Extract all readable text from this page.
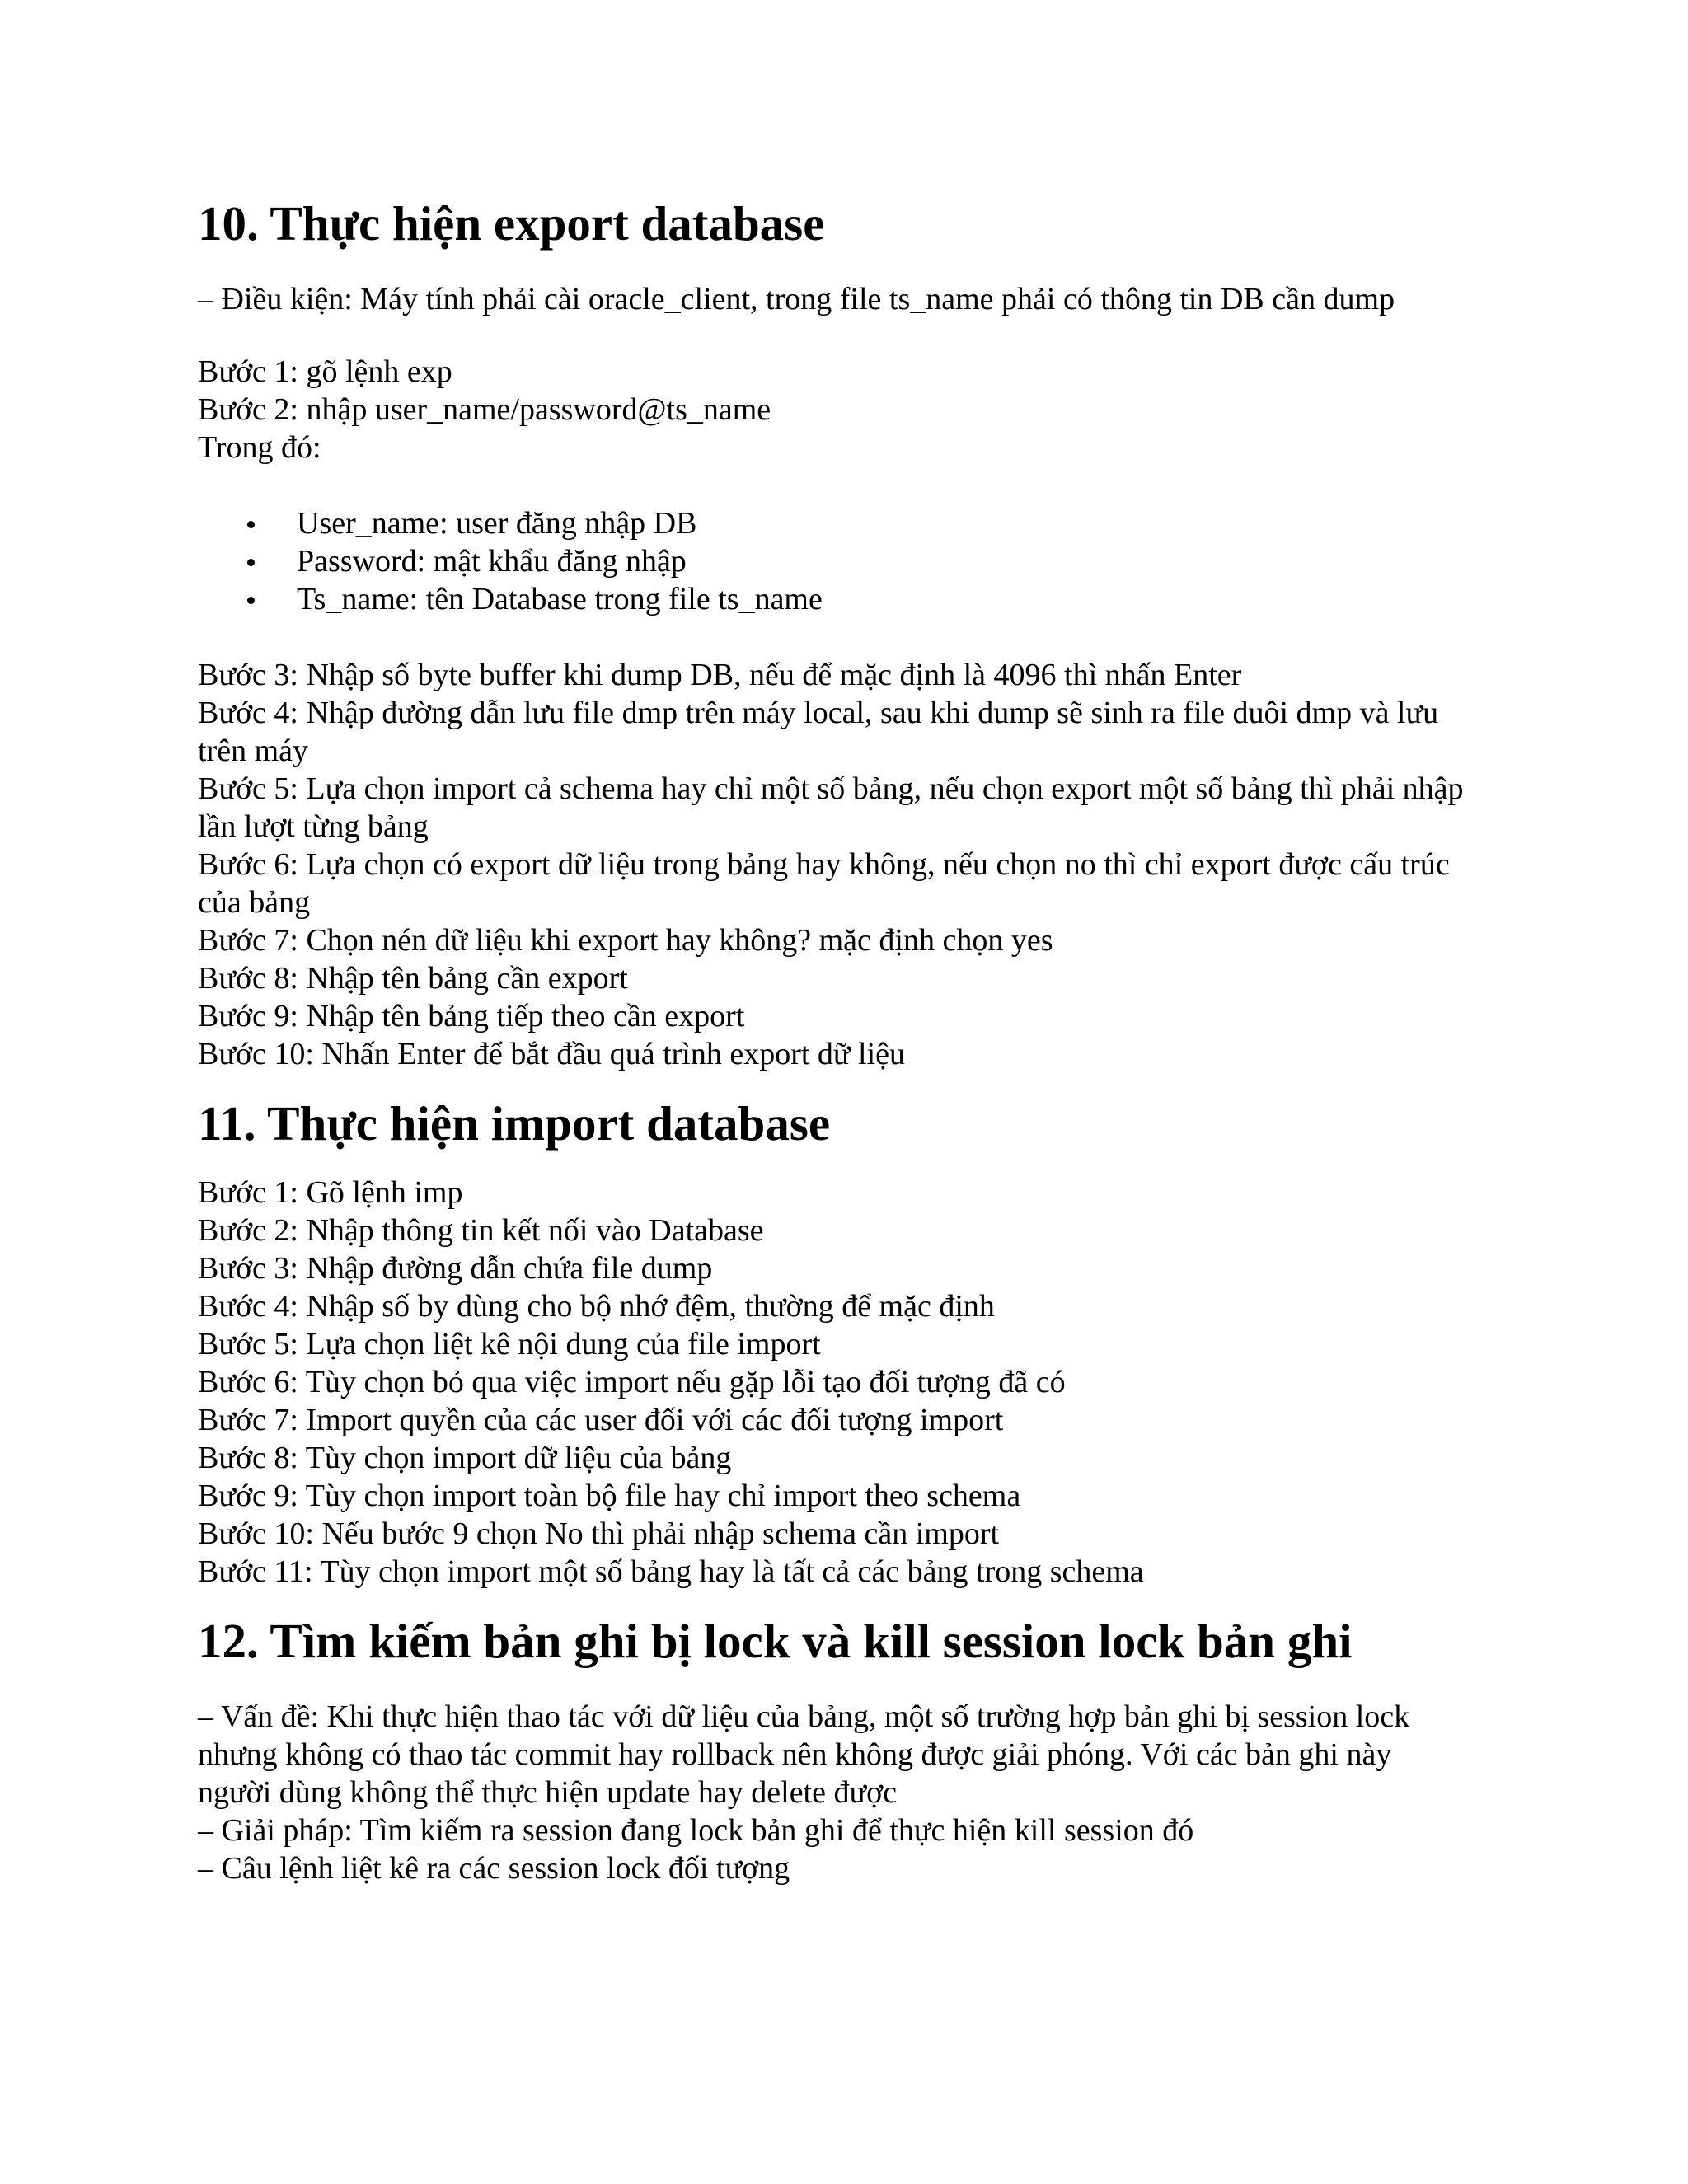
10. Thực hiện export database
– Điều kiện: Máy tính phải cài oracle_client, trong file ts_name phải có thông tin DB cần dump
Bước 1: gõ lệnh exp
Bước 2: nhập user_name/password@ts_name
Trong đó:
User_name: user đăng nhập DB
Password: mật khẩu đăng nhập
Ts_name: tên Database trong file ts_name
Bước 3: Nhập số byte buffer khi dump DB, nếu để mặc định là 4096 thì nhấn Enter
Bước 4: Nhập đường dẫn lưu file dmp trên máy local, sau khi dump sẽ sinh ra file duôi dmp và lưu trên máy
Bước 5: Lựa chọn import cả schema hay chỉ một số bảng, nếu chọn export một số bảng thì phải nhập lần lượt từng bảng
Bước 6: Lựa chọn có export dữ liệu trong bảng hay không, nếu chọn no thì chỉ export được cấu trúc của bảng
Bước 7: Chọn nén dữ liệu khi export hay không? mặc định chọn yes
Bước 8: Nhập tên bảng cần export
Bước 9: Nhập tên bảng tiếp theo cần export
Bước 10: Nhấn Enter để bắt đầu quá trình export dữ liệu
11. Thực hiện import database
Bước 1: Gõ lệnh imp
Bước 2: Nhập thông tin kết nối vào Database
Bước 3: Nhập đường dẫn chứa file dump
Bước 4: Nhập số by dùng cho bộ nhớ đệm, thường để mặc định
Bước 5: Lựa chọn liệt kê nội dung của file import
Bước 6: Tùy chọn bỏ qua việc import nếu gặp lỗi tạo đối tượng đã có
Bước 7: Import quyền của các user đối với các đối tượng import
Bước 8: Tùy chọn import dữ liệu của bảng
Bước 9: Tùy chọn import toàn bộ file hay chỉ import theo schema
Bước 10: Nếu bước 9 chọn No thì phải nhập schema cần import
Bước 11: Tùy chọn import một số bảng hay là tất cả các bảng trong schema
12. Tìm kiếm bản ghi bị lock và kill session lock bản ghi
– Vấn đề: Khi thực hiện thao tác với dữ liệu của bảng, một số trường hợp bản ghi bị session lock nhưng không có thao tác commit hay rollback nên không được giải phóng. Với các bản ghi này người dùng không thể thực hiện update hay delete được
– Giải pháp: Tìm kiếm ra session đang lock bản ghi để thực hiện kill session đó
– Câu lệnh liệt kê ra các session lock đối tượng
